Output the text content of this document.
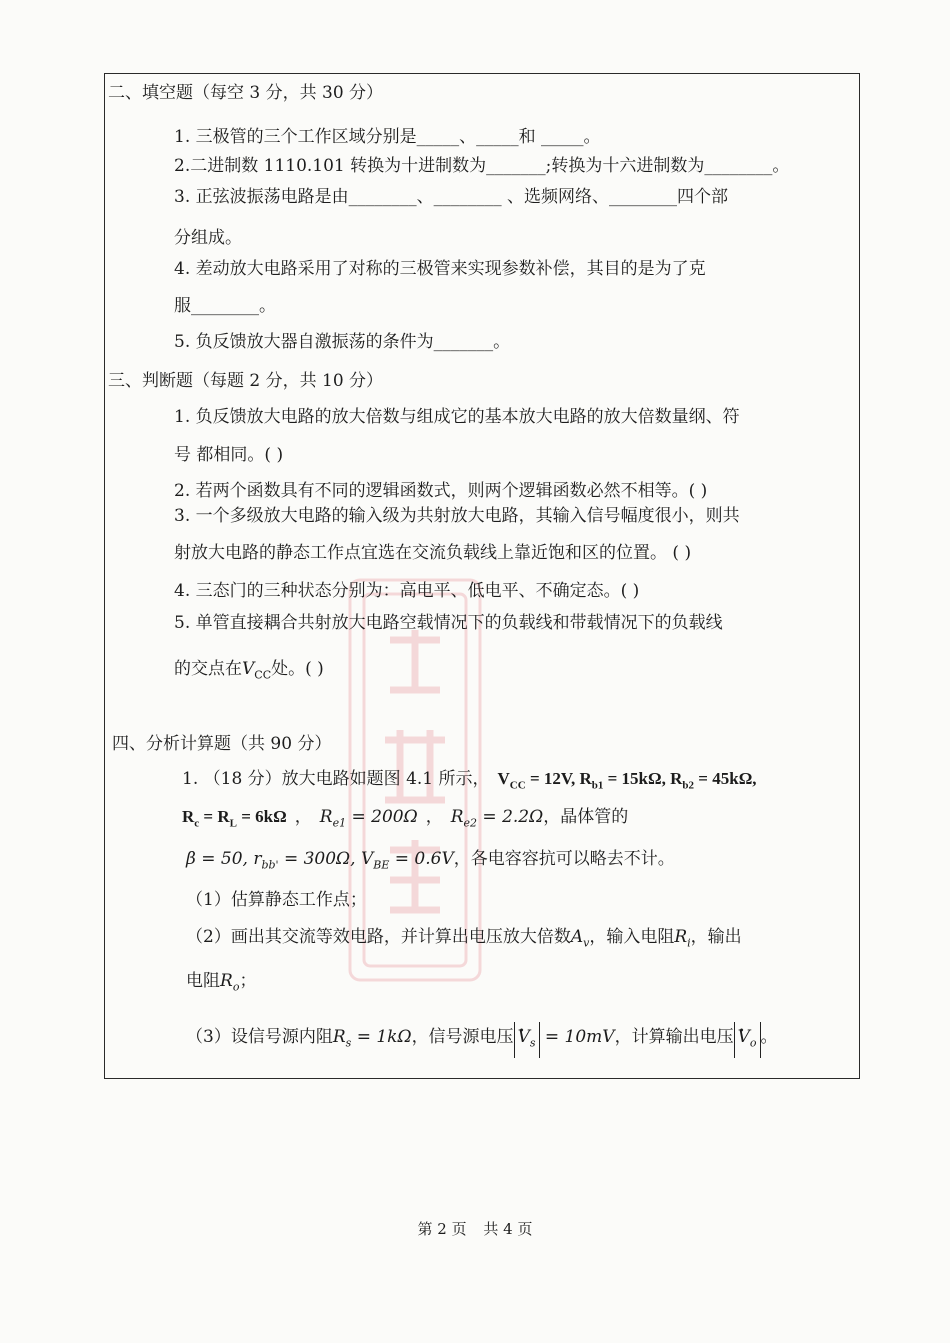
二、填空题（每空 3 分，共 30 分）
1. 三极管的三个工作区域分别是_____、_____和 _____。
2.二进制数 1110.101 转换为十进制数为_______;转换为十六进制数为________。
3. 正弦波振荡电路是由________、________ 、选频网络、________四个部
分组成。
4. 差动放大电路采用了对称的三极管来实现参数补偿，其目的是为了克
服________。
5. 负反馈放大器自激振荡的条件为_______。
三、判断题（每题 2 分，共 10 分）
1. 负反馈放大电路的放大倍数与组成它的基本放大电路的放大倍数量纲、符
号 都相同。( )
2. 若两个函数具有不同的逻辑函数式，则两个逻辑函数必然不相等。( )
3. 一个多级放大电路的输入级为共射放大电路，其输入信号幅度很小，则共
射放大电路的静态工作点宜选在交流负载线上靠近饱和区的位置。 ( )
4. 三态门的三种状态分别为：高电平、低电平、不确定态。( )
5. 单管直接耦合共射放大电路空载情况下的负载线和带载情况下的负载线
的交点在$V_{CC}$处。( )
四、分析计算题（共 90 分）
1. （18 分）放大电路如题图 4.1 所示， $V_{CC} = 12V$, $R_{b1} = 15k\Omega$, $R_{b2} = 45k\Omega$,
$R_c = R_L = 6k\Omega$ ， $R_{e1} = 200\Omega$ ， $R_{e2} = 2.2\Omega$，晶体管的
β = 50, $r_{bb'} = 300\Omega$, $V_{BE} = 0.6V$，各电容容抗可以略去不计。
（1）估算静态工作点；
（2）画出其交流等效电路，并计算出电压放大倍数$A_v$，输入电阻$R_i$，输出
电阻$R_o$；
（3）设信号源内阻$R_s = 1k\Omega$，信号源电压 • $V_s = 10mV$，计算输出电压 • $V_o$ 。
第 2 页 共 4 页
